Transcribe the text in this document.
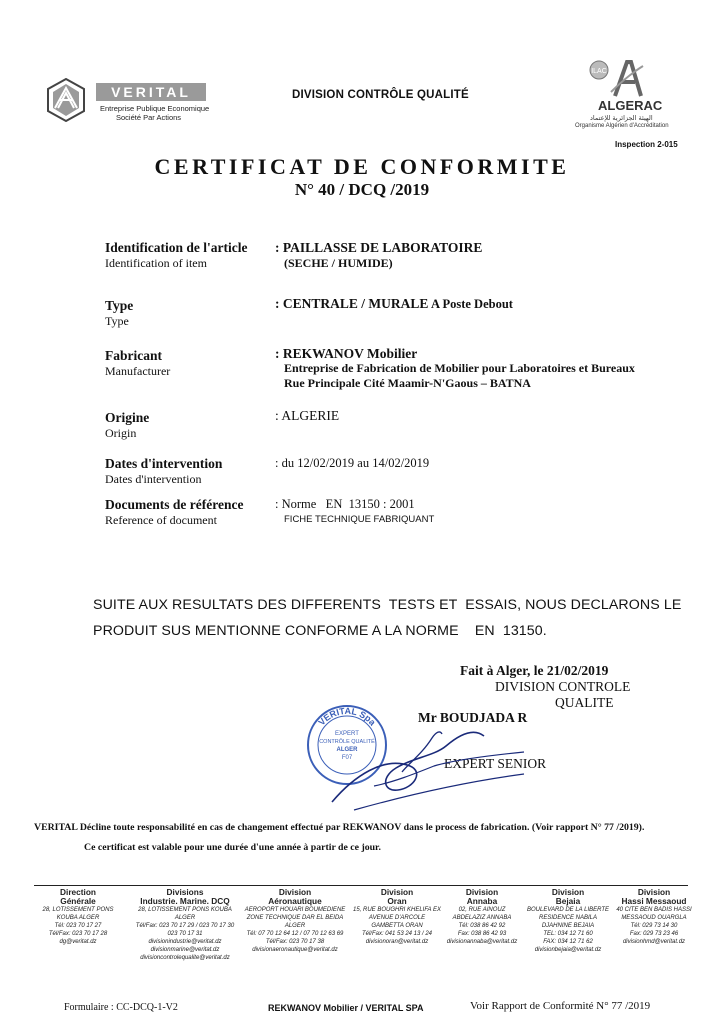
VERITAL
Entreprise Publique Economique
Société Par Actions
DIVISION CONTRÔLE QUALITÉ
ILAC
ALGERAC
الهيئة الجزائرية للإعتماد
Organisme Algérien d'Accréditation
Inspection 2-015
CERTIFICAT DE CONFORMITE
N° 40 / DCQ /2019
Identification de l'article
Identification of item
: PAILLASSE DE LABORATOIRE
(SECHE / HUMIDE)
Type
Type
: CENTRALE / MURALE A Poste Debout
Fabricant
Manufacturer
: REKWANOV Mobilier
Entreprise de Fabrication de Mobilier pour Laboratoires et Bureaux
Rue Principale Cité Maamir-N'Gaous – BATNA
Origine
Origin
: ALGERIE
Dates d'intervention
Dates d'intervention
: du 12/02/2019 au 14/02/2019
Documents de référence
Reference of document
: Norme   EN  13150 : 2001
FICHE TECHNIQUE FABRIQUANT
SUITE AUX RESULTATS DES DIFFERENTS  TESTS ET  ESSAIS, NOUS DECLARONS LE
PRODUIT SUS MENTIONNE CONFORME A LA NORME    EN  13150.
Fait à Alger, le 21/02/2019
DIVISION CONTROLE
QUALITE
Mr BOUDJADA R
EXPERT SENIOR
VERITAL Spa
EXPERT
CONTRÔLE QUALITÉ
ALGER
F07
VERITAL Décline toute responsabilité en cas de changement effectué par REKWANOV dans le process de fabrication. (Voir rapport N° 77 /2019).
Ce certificat est valable pour une durée d'une année à partir de ce jour.
Direction
Générale
28, LOTISSEMENT PONS KOUBA ALGER
Tél: 023 70 17 27
Tél/Fax: 023 70 17 28
dg@veritat.dz
Divisions
Industrie. Marine. DCQ
28, LOTISSEMENT PONS KOUBA ALGER
Tél/Fax: 023 70 17 29 / 023 70 17 30
023 70 17 31
divisionindustrie@veritat.dz
divisionmarine@veritat.dz
divisioncontrolequalite@veritat.dz
Division
Aéronautique
AEROPORT HOUARI BOUMEDIENE ZONE TECHNIQUE DAR EL BEIDA ALGER
Tél: 07 70 12 64 12 / 07 70 12 63 69
Tél/Fax: 023 70 17 38
divisionaeronautique@veritat.dz
Division
Oran
15, RUE BOUGHRI KHELIFA EX AVENUE D'ARCOLE GAMBETTA ORAN
Tél/Fax: 041 53 24 13 / 24
divisionoran@veritat.dz
Division
Annaba
02, RUE AINOUZ ABDELAZIZ ANNABA
Tél: 038 86 42 92
Fax: 038 86 42 93
divisionannaba@veritat.dz
Division
Bejaia
BOULEVARD DE LA LIBERTE RESIDENCE NABILA DJAHNINE BEJAIA
TEL: 034 12 71 60
FAX: 034 12 71 62
divisionbejaia@veritat.dz
Division
Hassi Messaoud
40 CITE BEN BADIS HASSI MESSAOUD OUARGLA
Tél: 029 73 14 30
Fax: 029 73 23 46
divisionhmd@veritat.dz
Formulaire : CC-DCQ-1-V2	REKWANOV Mobilier / VERITAL SPA	Voir Rapport de Conformité N° 77 /2019
